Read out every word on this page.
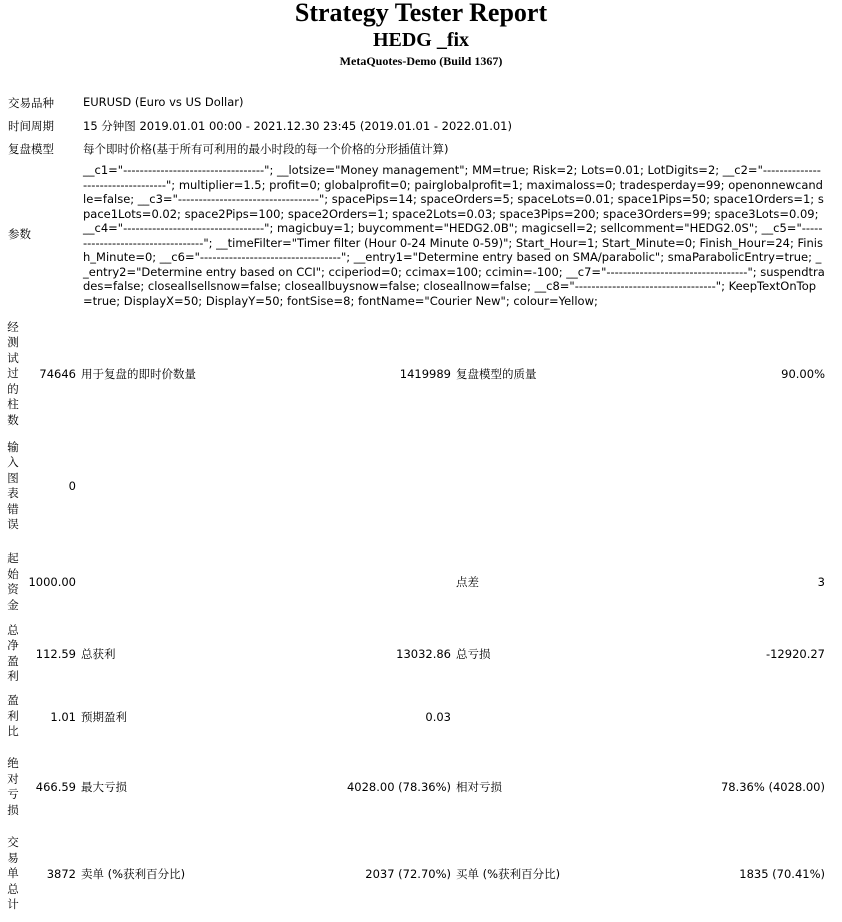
Strategy Tester Report
HEDG _fix
MetaQuotes-Demo (Build 1367)
交易品种	EURUSD (Euro vs US Dollar)
时间周期	15 分钟图 2019.01.01 00:00 - 2021.12.30 23:45 (2019.01.01 - 2022.01.01)
复盘模型	每个即时价格(基于所有可利用的最小时段的每一个价格的分形插值计算)
参数
__c1="----------------------------------"; __lotsize="Money management"; MM=true; Risk=2; Lots=0.01; LotDigits=2; __c2="----------------------------------"; multiplier=1.5; profit=0; globalprofit=0; pairglobalprofit=1; maximaloss=0; tradesperday=99; openonnewcandle=false; __c3="----------------------------------"; spacePips=14; spaceOrders=5; spaceLots=0.01; space1Pips=50; space1Orders=1; space1Lots=0.02; space2Pips=100; space2Orders=1; space2Lots=0.03; space3Pips=200; space3Orders=99; space3Lots=0.09; __c4="----------------------------------"; magicbuy=1; buycomment="HEDG2.0B"; magicsell=2; sellcomment="HEDG2.0S"; __c5="----------------------------------"; __timeFilter="Timer filter (Hour 0-24 Minute 0-59)"; Start_Hour=1; Start_Minute=0; Finish_Hour=24; Finish_Minute=0; __c6="----------------------------------"; __entry1="Determine entry based on SMA/parabolic"; smaParabolicEntry=true; __entry2="Determine entry based on CCI"; cciperiod=0; ccimax=100; ccimin=-100; __c7="----------------------------------"; suspendtrades=false; closeallsellsnow=false; closeallbuysnow=false; closeallnow=false; __c8="----------------------------------"; KeepTextOnTop=true; DisplayX=50; DisplayY=50; fontSise=8; fontName="Courier New"; colour=Yellow;
经测试过的柱数	74646	用于复盘的即时价数量	1419989	复盘模型的质量	90.00%
输入图表错误	0				
起始资金	1000.00			点差	3
总净盈利	112.59	总获利	13032.86	总亏损	-12920.27
盈利比	1.01	预期盈利	0.03		
绝对亏损	466.59	最大亏损	4028.00 (78.36%)	相对亏损	78.36% (4028.00)
交易单总计	3872	卖单 (%获利百分比)	2037 (72.70%)	买单 (%获利百分比)	1835 (70.41%)
